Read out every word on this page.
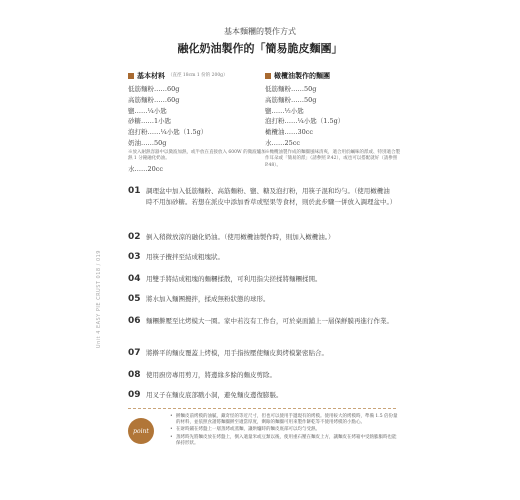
Unit 4 EASY PIE CRUST 018 / 019
基本麵糰的製作方式
融化奶油製作的「簡易脆皮麵團」
基本材料 （直徑 18cm 1 份的 200g）
低筋麵粉……60g
高筋麵粉……60g
鹽……¼小匙
砂糖……1小匙
泡打粉……¼小匙（1.5g）
奶油……50g
※放入耐熱容器中以微波加熱，或半放在直接放入 600W 的微波爐加熱 1 分鐘融化奶油。
水……20cc
橄欖油製作的麵團
低筋麵粉……50g
高筋麵粉……50g
鹽……½小匙
泡打粉……¼小匙（1.5g）
橄欖油……30cc
水……25cc
※橄欖油製作成的麵團風味清爽，適合用於鹹味的派或、特別適合製作耳朵或「簡易的派」（請參照 P.42），或也可以搭配就好（請參照 P.48）。
01 調理盆中加入低筋麵粉、高筋麵粉、鹽、糖及泡打粉，用筷子混和均勻。（使用橄欖油時不用加砂糖。若想在派皮中添加香草或堅果等食材，則於此步驟一併放入調理盆中。）
02 倒入稍微放涼的融化奶油。（使用橄欖油製作時，則加入橄欖油。）
03 用筷子攪拌至結成粗塊狀。
04 用雙手將結成粗塊的麵糰揉散，可利用指尖搓揉將麵糰揉開。
05 將水加入麵團攪拌，揉成無粉狀態的球形。
06 麵糰擀壓至比烤模大一圈。家中若沒有工作台，可於桌面鋪上一層保鮮膜再進行作業。
07 將擀平的麵皮覆蓋上烤模，用手指按壓使麵皮與烤模緊密貼合。
08 使用廚房專用剪刀，將邊緣多餘的麵皮剪除。
09 用叉子在麵皮底部戳小洞，避免麵皮邊復膨脹。
point
• 擀麵皮前烤模的油膩，藏奇怪的等近尺寸，但也可以使用手邊現有的烤模。使用較大的烤模時，準備 1.5 倍份量的材料，並依照食譜將麵團擀至適當厚度，剩餘的麵團可用來製作餅乾等不使用烤模的小點心。
• 在財時鋪在烤盤上一層蒸烤或蒸麵，讓烘爐時的麵皮底部可以均勻受熱。
• 蒸烤時先將麵皮放在烤盤上，倒入適量米或豆類以後，使用重石壓在麵皮上方，讓麵皮在烤箱中受熱膨脹時也能保持形狀。
